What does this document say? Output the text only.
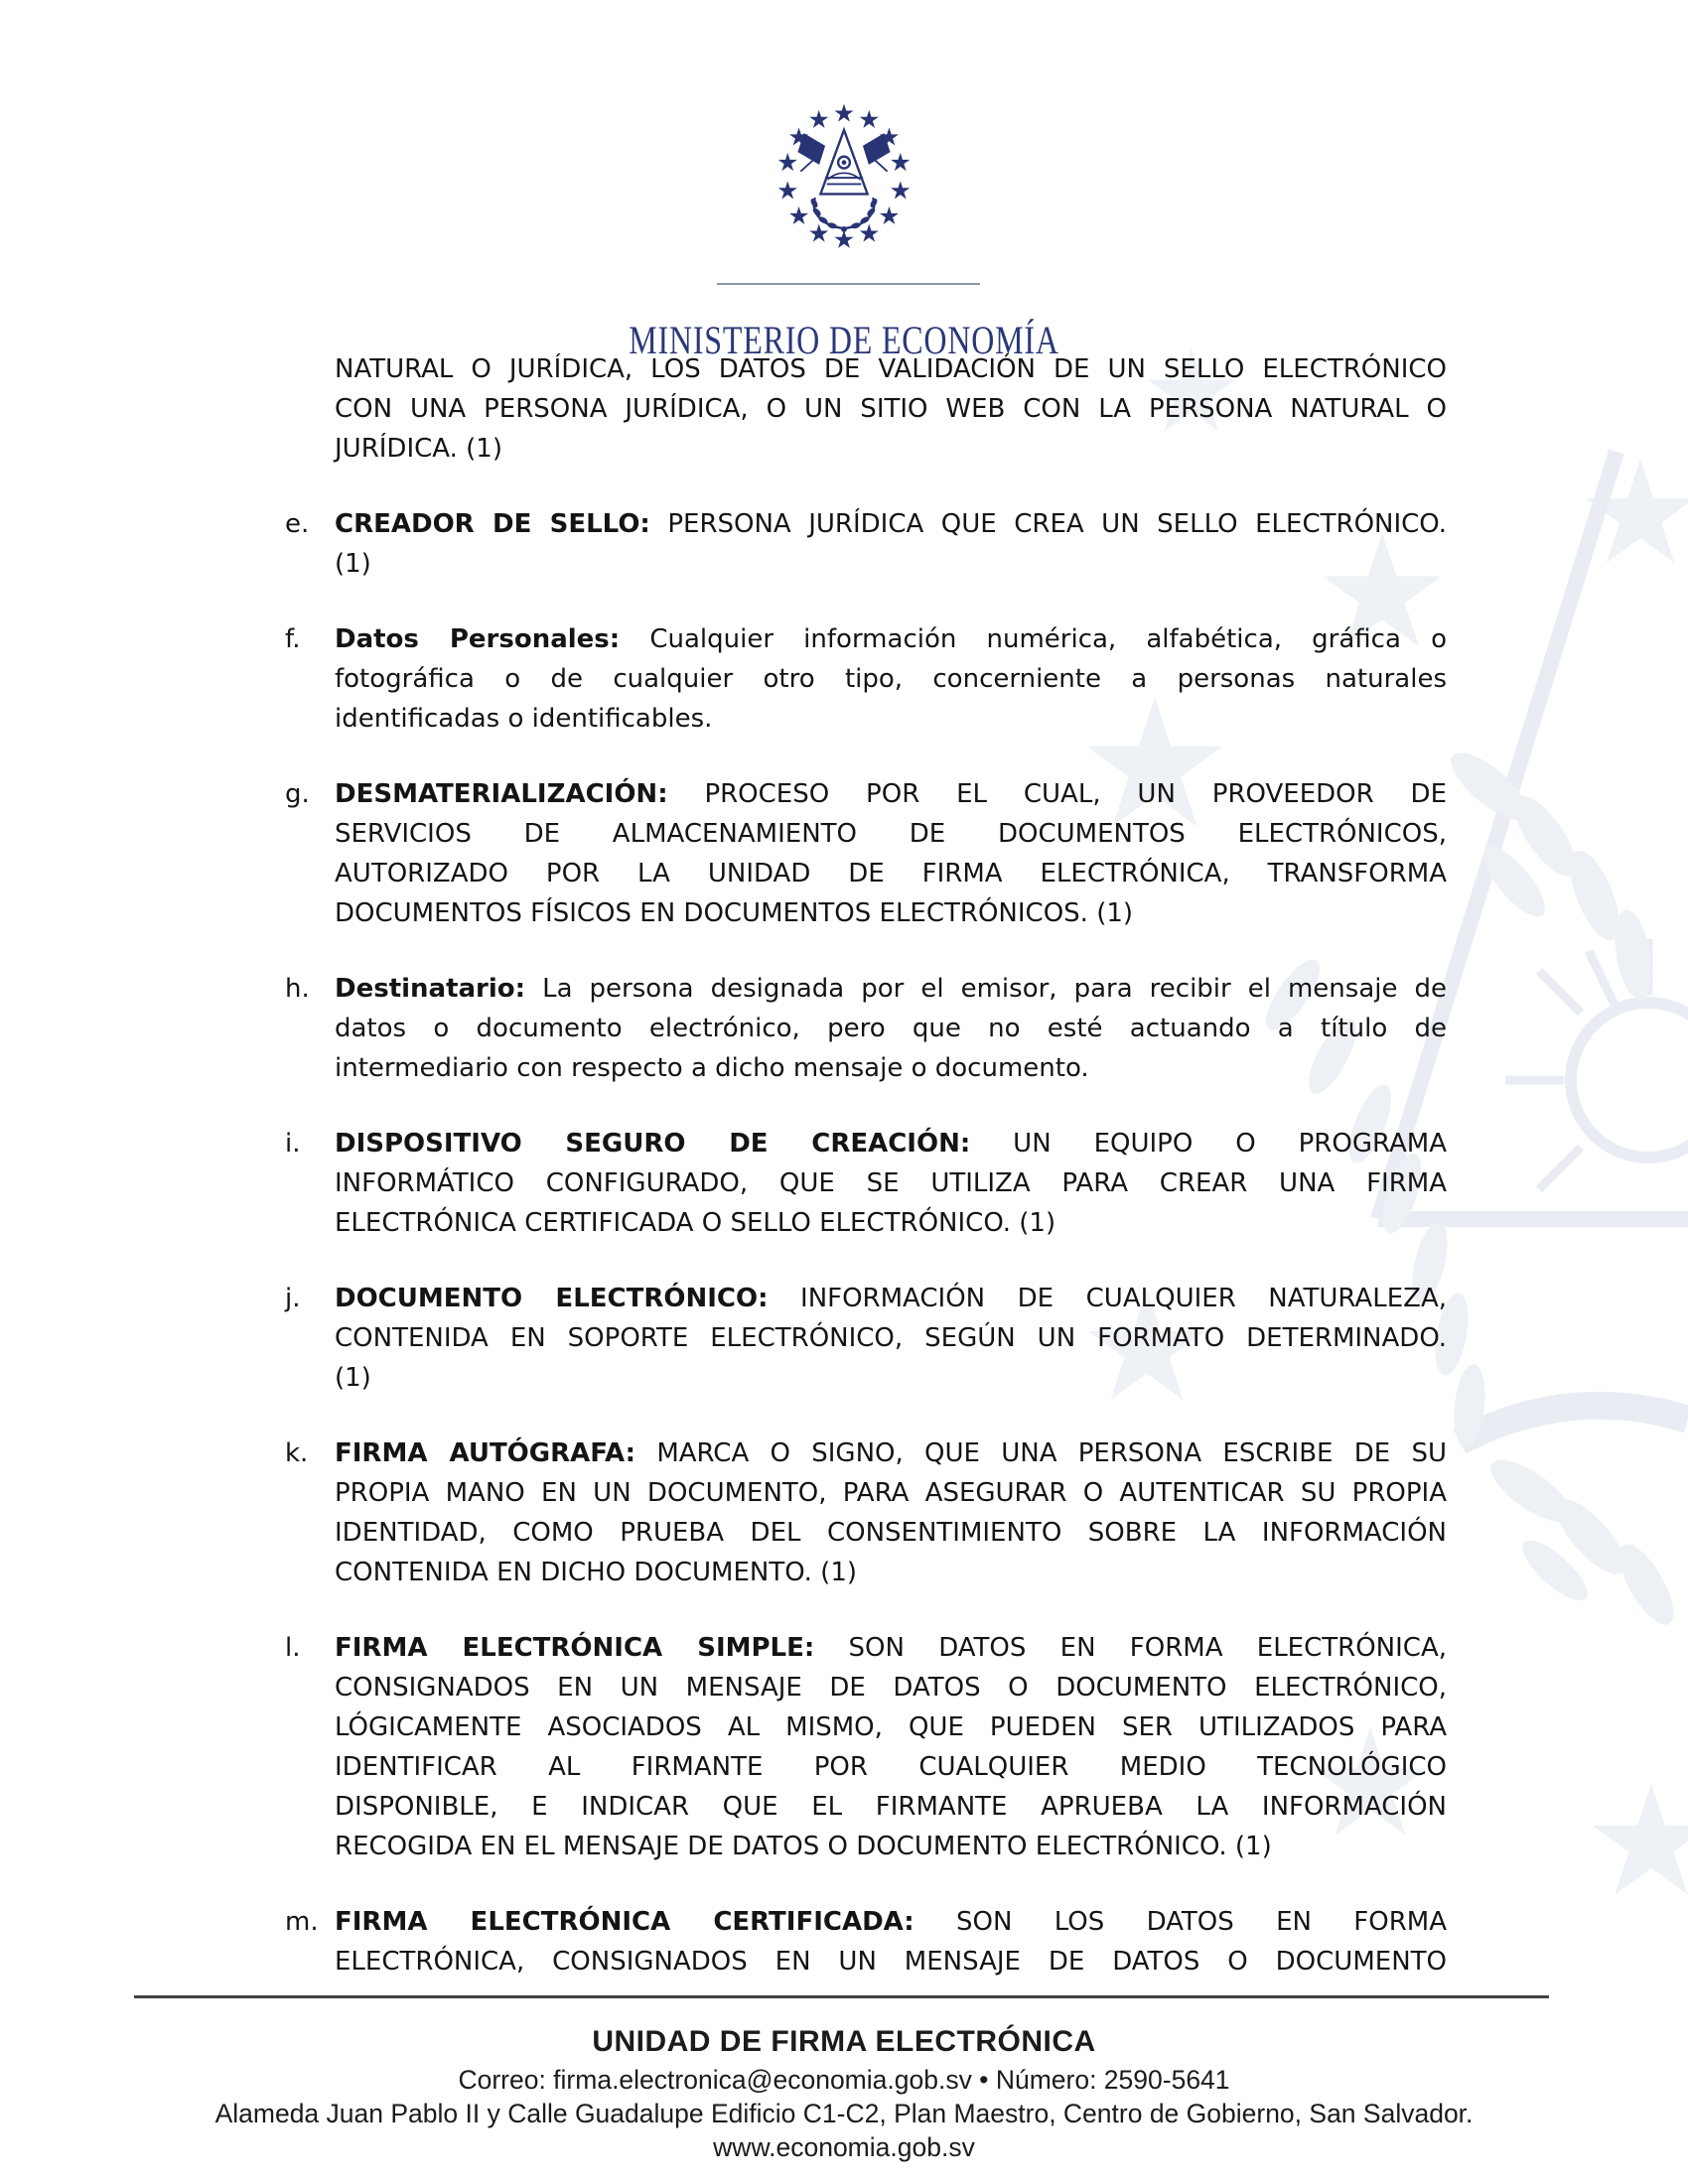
MINISTERIO DE ECONOMÍA
NATURAL O JURÍDICA, LOS DATOS DE VALIDACIÓN DE UN SELLO ELECTRÓNICO
CON UNA PERSONA JURÍDICA, O UN SITIO WEB CON LA PERSONA NATURAL O
JURÍDICA. (1)
e. CREADOR DE SELLO: PERSONA JURÍDICA QUE CREA UN SELLO ELECTRÓNICO.
(1)
f. Datos Personales: Cualquier información numérica, alfabética, gráfica o
fotográfica o de cualquier otro tipo, concerniente a personas naturales
identificadas o identificables.
g. DESMATERIALIZACIÓN: PROCESO POR EL CUAL, UN PROVEEDOR DE
SERVICIOS DE ALMACENAMIENTO DE DOCUMENTOS ELECTRÓNICOS,
AUTORIZADO POR LA UNIDAD DE FIRMA ELECTRÓNICA, TRANSFORMA
DOCUMENTOS FÍSICOS EN DOCUMENTOS ELECTRÓNICOS. (1)
h. Destinatario: La persona designada por el emisor, para recibir el mensaje de
datos o documento electrónico, pero que no esté actuando a título de
intermediario con respecto a dicho mensaje o documento.
i. DISPOSITIVO SEGURO DE CREACIÓN: UN EQUIPO O PROGRAMA
INFORMÁTICO CONFIGURADO, QUE SE UTILIZA PARA CREAR UNA FIRMA
ELECTRÓNICA CERTIFICADA O SELLO ELECTRÓNICO. (1)
j. DOCUMENTO ELECTRÓNICO: INFORMACIÓN DE CUALQUIER NATURALEZA,
CONTENIDA EN SOPORTE ELECTRÓNICO, SEGÚN UN FORMATO DETERMINADO.
(1)
k. FIRMA AUTÓGRAFA: MARCA O SIGNO, QUE UNA PERSONA ESCRIBE DE SU
PROPIA MANO EN UN DOCUMENTO, PARA ASEGURAR O AUTENTICAR SU PROPIA
IDENTIDAD, COMO PRUEBA DEL CONSENTIMIENTO SOBRE LA INFORMACIÓN
CONTENIDA EN DICHO DOCUMENTO. (1)
l. FIRMA ELECTRÓNICA SIMPLE: SON DATOS EN FORMA ELECTRÓNICA,
CONSIGNADOS EN UN MENSAJE DE DATOS O DOCUMENTO ELECTRÓNICO,
LÓGICAMENTE ASOCIADOS AL MISMO, QUE PUEDEN SER UTILIZADOS PARA
IDENTIFICAR AL FIRMANTE POR CUALQUIER MEDIO TECNOLÓGICO
DISPONIBLE, E INDICAR QUE EL FIRMANTE APRUEBA LA INFORMACIÓN
RECOGIDA EN EL MENSAJE DE DATOS O DOCUMENTO ELECTRÓNICO. (1)
m. FIRMA ELECTRÓNICA CERTIFICADA: SON LOS DATOS EN FORMA
ELECTRÓNICA, CONSIGNADOS EN UN MENSAJE DE DATOS O DOCUMENTO
UNIDAD DE FIRMA ELECTRÓNICA
Correo: firma.electronica@economia.gob.sv • Número: 2590-5641
Alameda Juan Pablo II y Calle Guadalupe Edificio C1-C2, Plan Maestro, Centro de Gobierno, San Salvador.
www.economia.gob.sv
